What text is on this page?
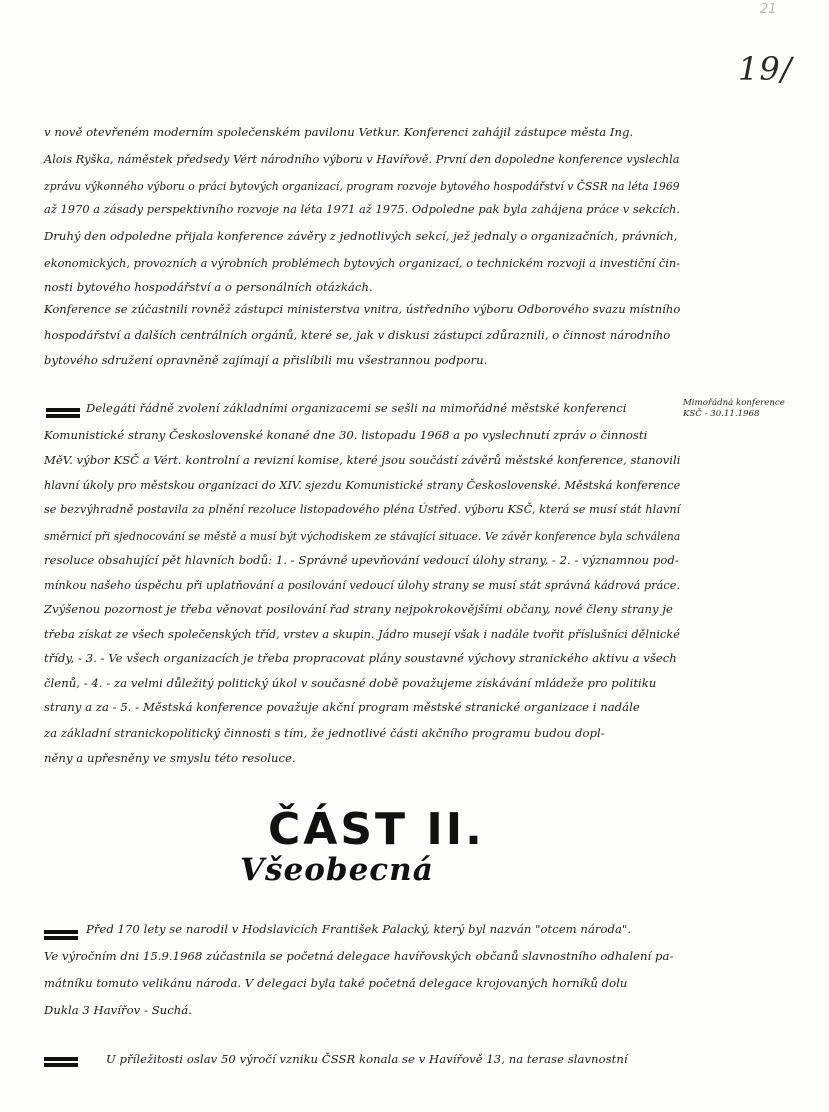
21
19/
v nově otevřeném moderním společenském pavilonu Vetkur. Konferenci zahájil zástupce města Ing.
Alois Ryška, náměstek předsedy Vért národního výboru v Havířově. První den dopoledne konference vyslechla
zprávu výkonného výboru o práci bytových organizací, program rozvoje bytového hospodářství v ČSSR na léta 1969
až 1970 a zásady perspektivního rozvoje na léta 1971 až 1975. Odpoledne pak byla zahájena práce v sekcích.
Druhý den odpoledne přijala konference závěry z jednotlivých sekcí, jež jednaly o organizačních, právních,
ekonomických, provozních a výrobních problémech bytových organizací, o technickém rozvoji a investiční čin-
nosti bytového hospodářství a o personálních otázkách.
Konference se zúčastnili rovněž zástupci ministerstva vnitra, ústředního výboru Odborového svazu místního
hospodářství a dalších centrálních orgánů, které se, jak v diskusi zástupci zdůraznili, o činnost národního
bytového sdružení opravněně zajímají a přislíbili mu všestrannou podporu.
Mimořádná konference
KSČ - 30.11.1968
Delegáti řádně zvolení základními organizacemi se sešli na mimořádné městské konferenci
Komunistické strany Československé konané dne 30. listopadu 1968 a po vyslechnutí zpráv o činnosti
MěV. výbor KSČ a Vért. kontrolní a revizní komise, které jsou součástí závěrů městské konference, stanovili
hlavní úkoly pro městskou organizaci do XIV. sjezdu Komunistické strany Československé. Městská konference
se bezvýhradně postavila za plnění rezoluce listopadového pléna Ústřed. výboru KSČ, která se musí stát hlavní
směrnicí při sjednocování se městě a musí být východiskem ze stávající situace. Ve závěr konference byla schválena
resoluce obsahující pět hlavních bodů: 1. - Správné upevňování vedoucí úlohy strany, - 2. - významnou pod-
mínkou našeho úspěchu při uplatňování a posilování vedoucí úlohy strany se musí stát správná kádrová práce.
Zvýšenou pozornost je třeba věnovat posilování řad strany nejpokrokovějšími občany, nové členy strany je
třeba získat ze všech společenských tříd, vrstev a skupin. Jádro musejí však i nadále tvořit příslušníci dělnické
třídy, - 3. - Ve všech organizacích je třeba propracovat plány soustavné výchovy stranického aktivu a všech
členů, - 4. - za velmi důležitý politický úkol v současné době považujeme získávání mládeže pro politiku
strany a za - 5. - Městská konference považuje akční program městské stranické organizace i nadále
za základní stranickopolitický činnosti s tím, že jednotlivé části akčního programu budou dopl-
něny a upřesněny ve smyslu této resoluce.
ČÁST II.
Všeobecná
Před 170 lety se narodil v Hodslavicích František Palacký, který byl nazván "otcem národa".
Ve výročním dni 15.9.1968 zúčastnila se početná delegace havířovských občanů slavnostního odhalení pa-
mátníku tomuto velikánu národa. V delegaci byla také početná delegace krojovaných horníků dolu
Dukla 3 Havířov - Suchá.
U příležitosti oslav 50 výročí vzniku ČSSR konala se v Havířově 13, na terase slavnostní
